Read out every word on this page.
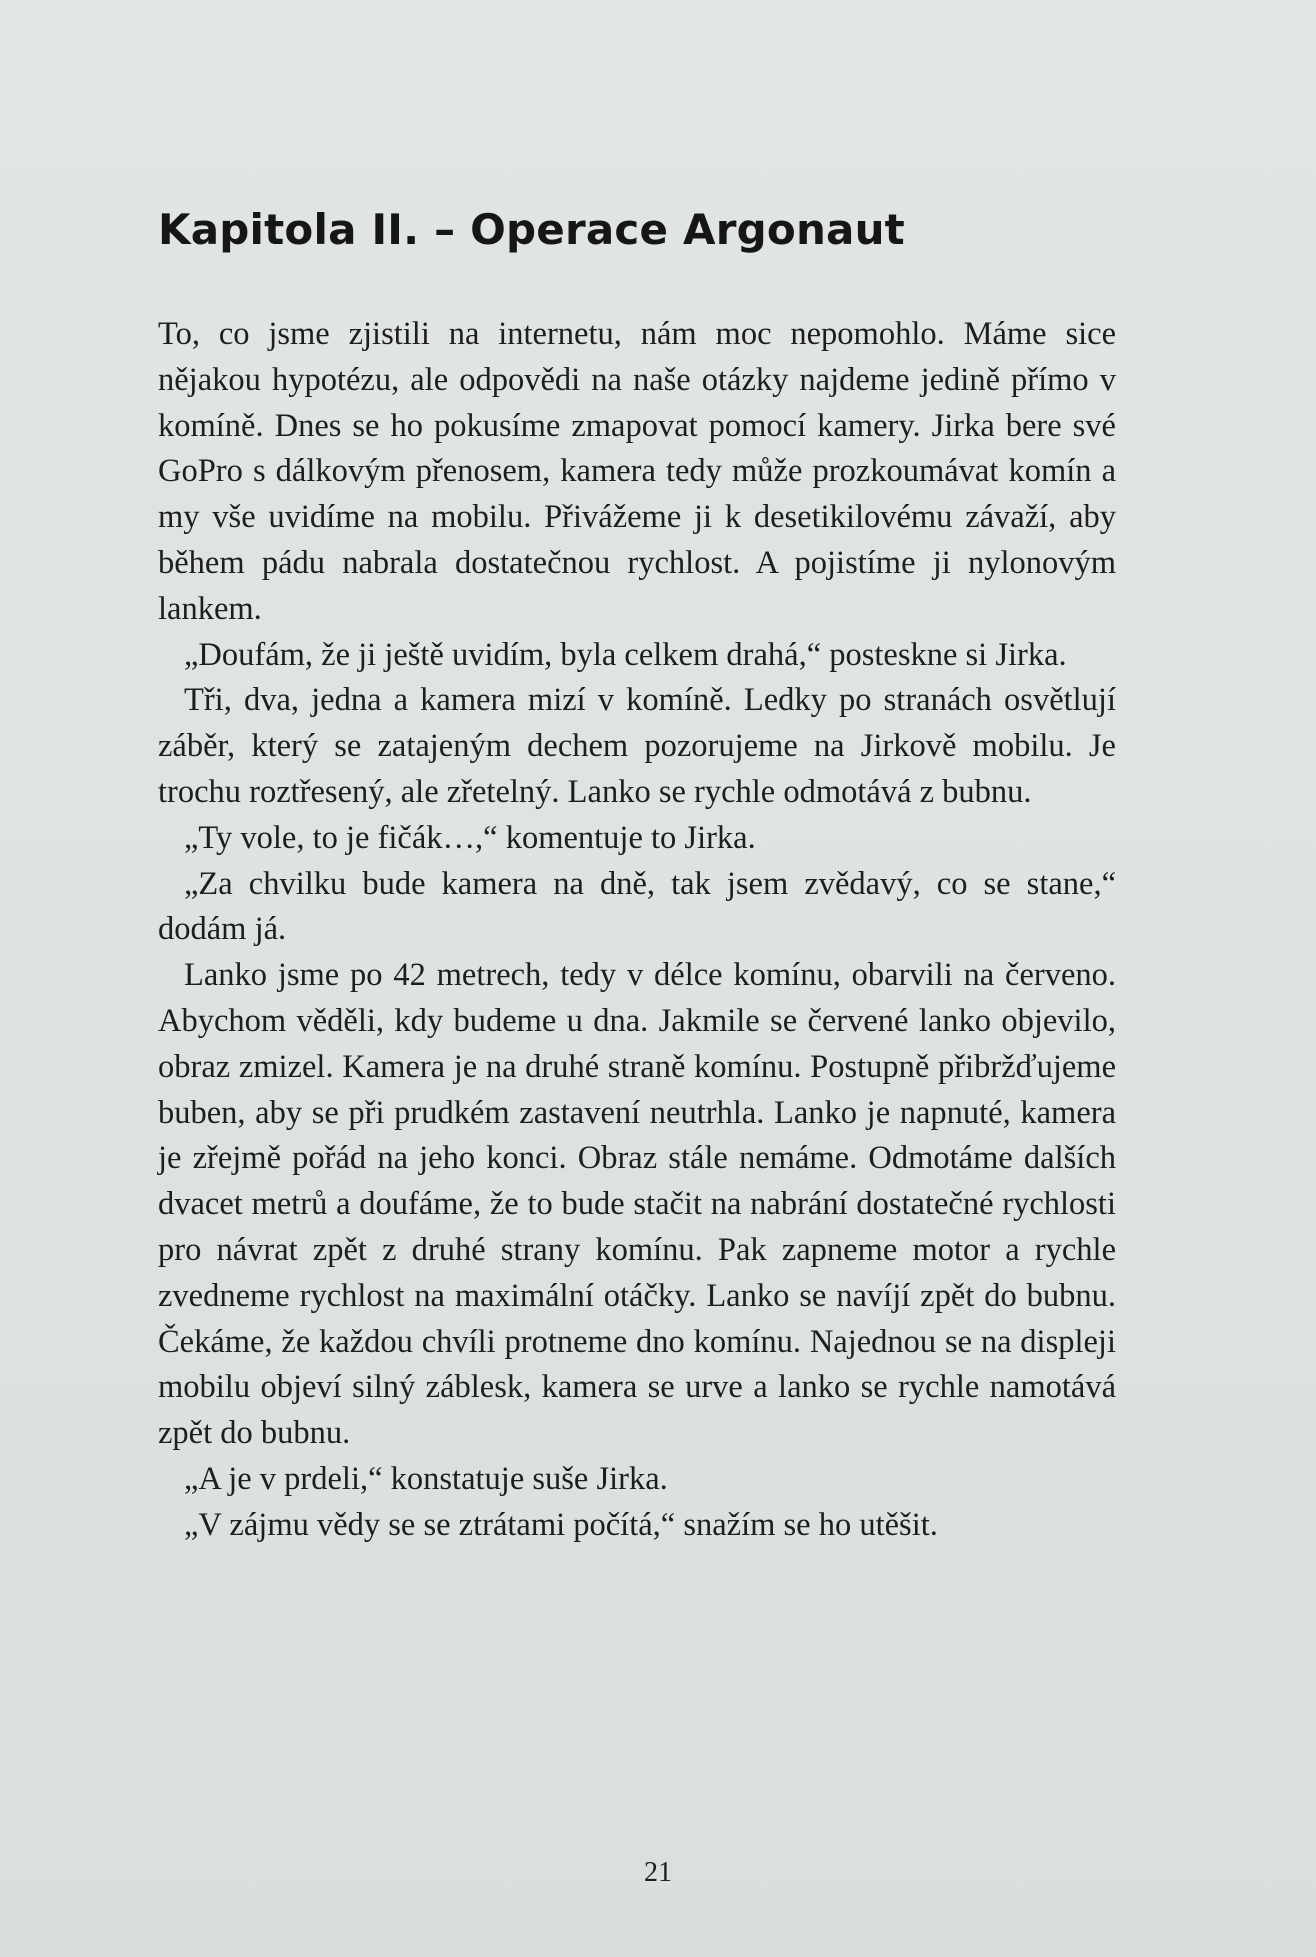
Kapitola II. – Operace Argonaut

To, co jsme zjistili na internetu, nám moc nepomohlo. Máme sice nějakou hypotézu, ale odpovědi na naše otázky najdeme jedině přímo v komíně. Dnes se ho pokusíme zmapovat pomocí kamery. Jirka bere své GoPro s dálkovým přenosem, kamera tedy může prozkoumávat komín a my vše uvidíme na mobilu. Přivážeme ji k desetikilovému závaží, aby během pádu nabrala dostatečnou rychlost. A pojistíme ji nylonovým lankem.

„Doufám, že ji ještě uvidím, byla celkem drahá,“ posteskne si Jirka.

Tři, dva, jedna a kamera mizí v komíně. Ledky po stranách osvětlují záběr, který se zatajeným dechem pozorujeme na Jirkově mobilu. Je trochu roztřesený, ale zřetelný. Lanko se rychle odmotává z bubnu.

„Ty vole, to je fičák…,“ komentuje to Jirka.

„Za chvilku bude kamera na dně, tak jsem zvědavý, co se stane,“ dodám já.

Lanko jsme po 42 metrech, tedy v délce komínu, obarvili na červeno. Abychom věděli, kdy budeme u dna. Jakmile se červené lanko objevilo, obraz zmizel. Kamera je na druhé straně komínu. Postupně přibržďujeme buben, aby se při prudkém zastavení neutrhla. Lanko je napnuté, kamera je zřejmě pořád na jeho konci. Obraz stále nemáme. Odmotáme dalších dvacet metrů a doufáme, že to bude stačit na nabrání dostatečné rychlosti pro návrat zpět z druhé strany komínu. Pak zapneme motor a rychle zvedneme rychlost na maximální otáčky. Lanko se navíjí zpět do bubnu. Čekáme, že každou chvíli protneme dno komínu. Najednou se na displeji mobilu objeví silný záblesk, kamera se urve a lanko se rychle namotává zpět do bubnu.

„A je v prdeli,“ konstatuje suše Jirka.

„V zájmu vědy se se ztrátami počítá,“ snažím se ho utěšit.

21
